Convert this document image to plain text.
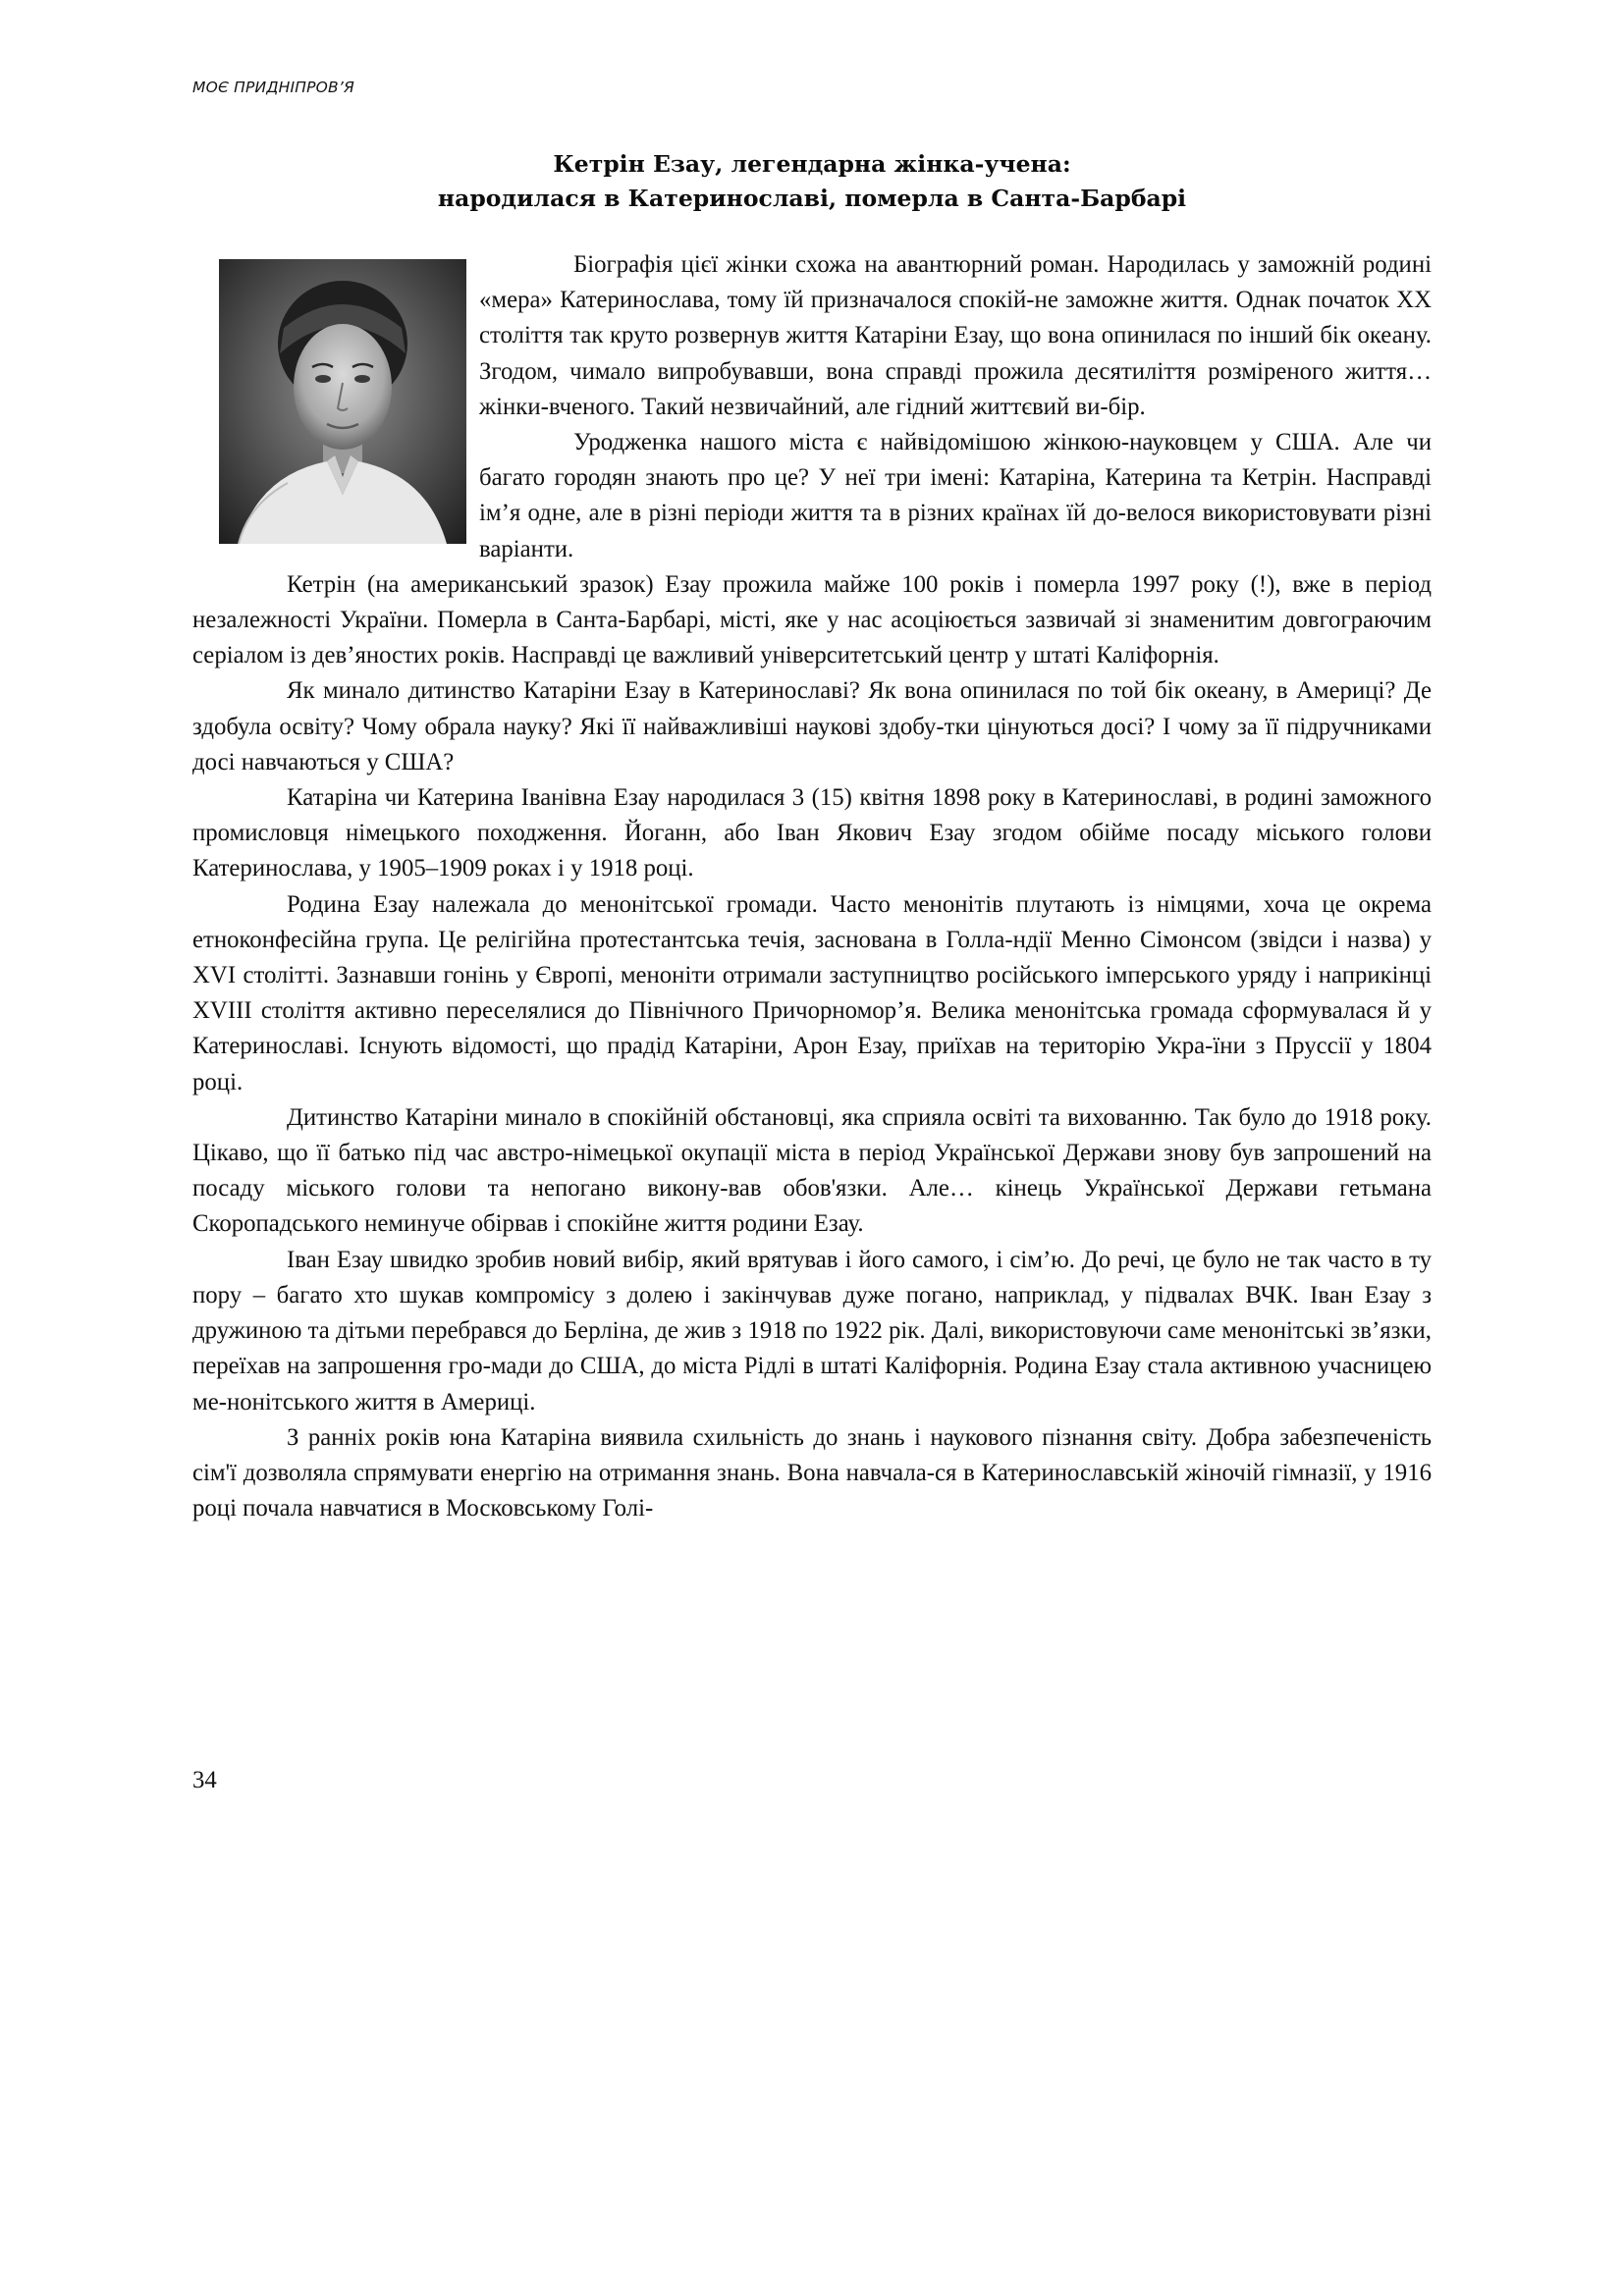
МОЄ ПРИДНІПРОВ’Я
Кетрін Езау, легендарна жінка-учена:
народилася в Катеринославі, померла в Санта-Барбарі

Біографія цієї жінки схожа на авантюрний роман. Народилась у заможній родині «мера» Катеринослава, тому їй призначалося спокій-не заможне життя. Однак початок XX століття так круто розвернув життя Катаріни Езау, що вона опинилася по інший бік океану. Згодом, чимало випробувавши, вона справді прожила десятиліття розміреного життя… жінки-вченого. Такий незвичайний, але гідний життєвий ви-бір.

Уродженка нашого міста є найвідомішою жінкою-науковцем у США. Але чи багато городян знають про це? У неї три імені: Катаріна, Катерина та Кетрін. Насправді ім’я одне, але в різні періоди життя та в різних країнах їй до-велося використовувати різні варіанти.

Кетрін (на американський зразок) Езау прожила майже 100 років і померла 1997 року (!), вже в період незалежності України. Померла в Санта-Барбарі, місті, яке у нас асоціюється зазвичай зі знаменитим довгограючим серіалом із дев’яностих років. Насправді це важливий університетський центр у штаті Каліфорнія.

Як минало дитинство Катаріни Езау в Катеринославі? Як вона опинилася по той бік океану, в Америці? Де здобула освіту? Чому обрала науку? Які її найважливіші наукові здобу-тки цінуються досі? І чому за її підручниками досі навчаються у США?

Катаріна чи Катерина Іванівна Езау народилася 3 (15) квітня 1898 року в Катеринославі, в родині заможного промисловця німецького походження. Йоганн, або Іван Якович Езау згодом обійме посаду міського голови Катеринослава, у 1905–1909 роках і у 1918 році.

Родина Езау належала до менонітської громади. Часто менонітів плутають із німцями, хоча це окрема етноконфесійна група. Це релігійна протестантська течія, заснована в Голла-ндії Менно Сімонсом (звідси і назва) у XVI столітті. Зазнавши гонінь у Європі, меноніти отримали заступництво російського імперського уряду і наприкінці XVIII століття активно переселялися до Північного Причорномор’я. Велика менонітська громада сформувалася й у Катеринославі. Існують відомості, що прадід Катаріни, Арон Езау, приїхав на територію Укра-їни з Пруссії у 1804 році.

Дитинство Катаріни минало в спокійній обстановці, яка сприяла освіті та вихованню. Так було до 1918 року. Цікаво, що її батько під час австро-німецької окупації міста в період Української Держави знову був запрошений на посаду міського голови та непогано викону-вав обов'язки. Але… кінець Української Держави гетьмана Скоропадського неминуче обірвав і спокійне життя родини Езау.

Іван Езау швидко зробив новий вибір, який врятував і його самого, і сім’ю. До речі, це було не так часто в ту пору – багато хто шукав компромісу з долею і закінчував дуже погано, наприклад, у підвалах ВЧК. Іван Езау з дружиною та дітьми перебрався до Берліна, де жив з 1918 по 1922 рік. Далі, використовуючи саме менонітські зв’язки, переїхав на запрошення гро-мади до США, до міста Рідлі в штаті Каліфорнія. Родина Езау стала активною учасницею ме-нонітського життя в Америці.

З ранніх років юна Катаріна виявила схильність до знань і наукового пізнання світу. Добра забезпеченість сім'ї дозволяла спрямувати енергію на отримання знань. Вона навчала-ся в Катеринославській жіночій гімназії, у 1916 році почала навчатися в Московському Голі-

34
